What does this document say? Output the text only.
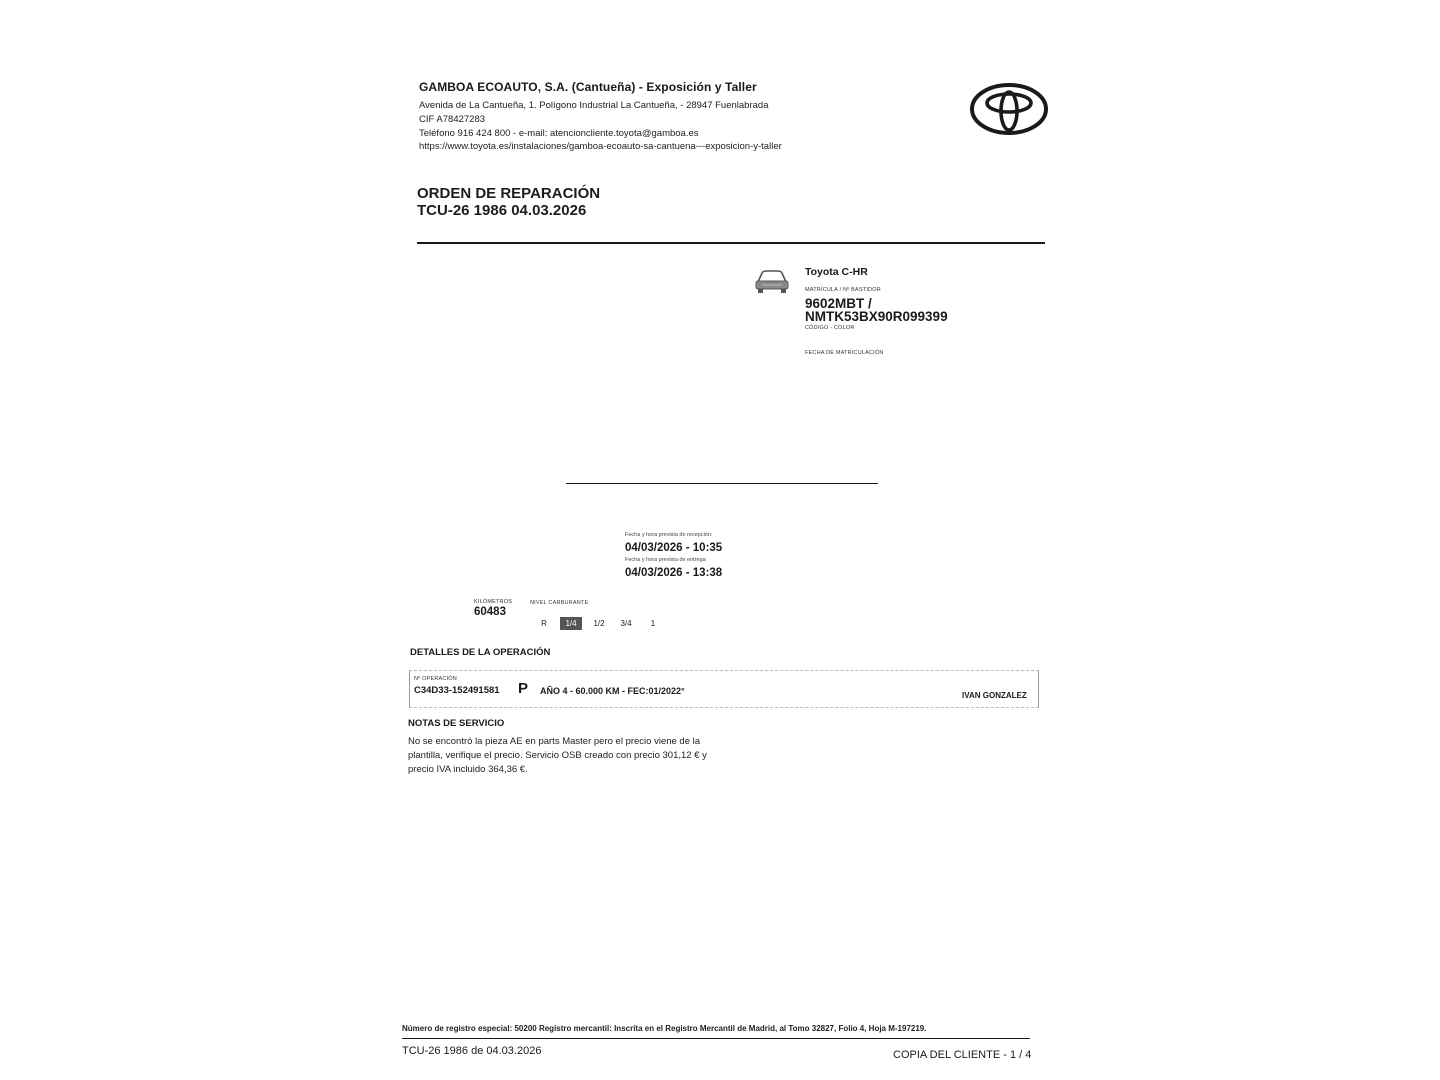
GAMBOA ECOAUTO, S.A. (Cantueña) - Exposición y Taller
Avenida de La Cantueña, 1. Polígono Industrial La Cantueña, - 28947 Fuenlabrada
CIF A78427283
Teléfono 916 424 800 - e-mail: atencioncliente.toyota@gamboa.es
https://www.toyota.es/instalaciones/gamboa-ecoauto-sa-cantuena---exposicion-y-taller
ORDEN DE REPARACIÓN
TCU-26 1986 04.03.2026
Toyota C-HR
MATRÍCULA / Nº BASTIDOR
9602MBT /
NMTK53BX90R099399
CÓDIGO - COLOR
FECHA DE MATRICULACIÓN
Fecha y hora prevista de recepción:
04/03/2026 - 10:35
Fecha y hora prevista de entrega
04/03/2026 - 13:38
KILÓMETROS
60483
NIVEL CARBURANTE:
R	1/4	1/2	3/4	1
DETALLES DE LA OPERACIÓN
Nº OPERACIÓN
C34D33-152491581 P AÑO 4 - 60.000 KM - FEC:01/2022°	IVAN GONZALEZ
NOTAS DE SERVICIO
No se encontró la pieza AE en parts Master pero el precio viene de la plantilla, verifique el precio. Servicio OSB creado con precio 301,12 € y precio IVA incluido 364,36 €.
Número de registro especial: 50200 Registro mercantil: Inscrita en el Registro Mercantil de Madrid, al Tomo 32827, Folio 4, Hoja M-197219.
TCU-26 1986 de 04.03.2026	COPIA DEL CLIENTE - 1 / 4
